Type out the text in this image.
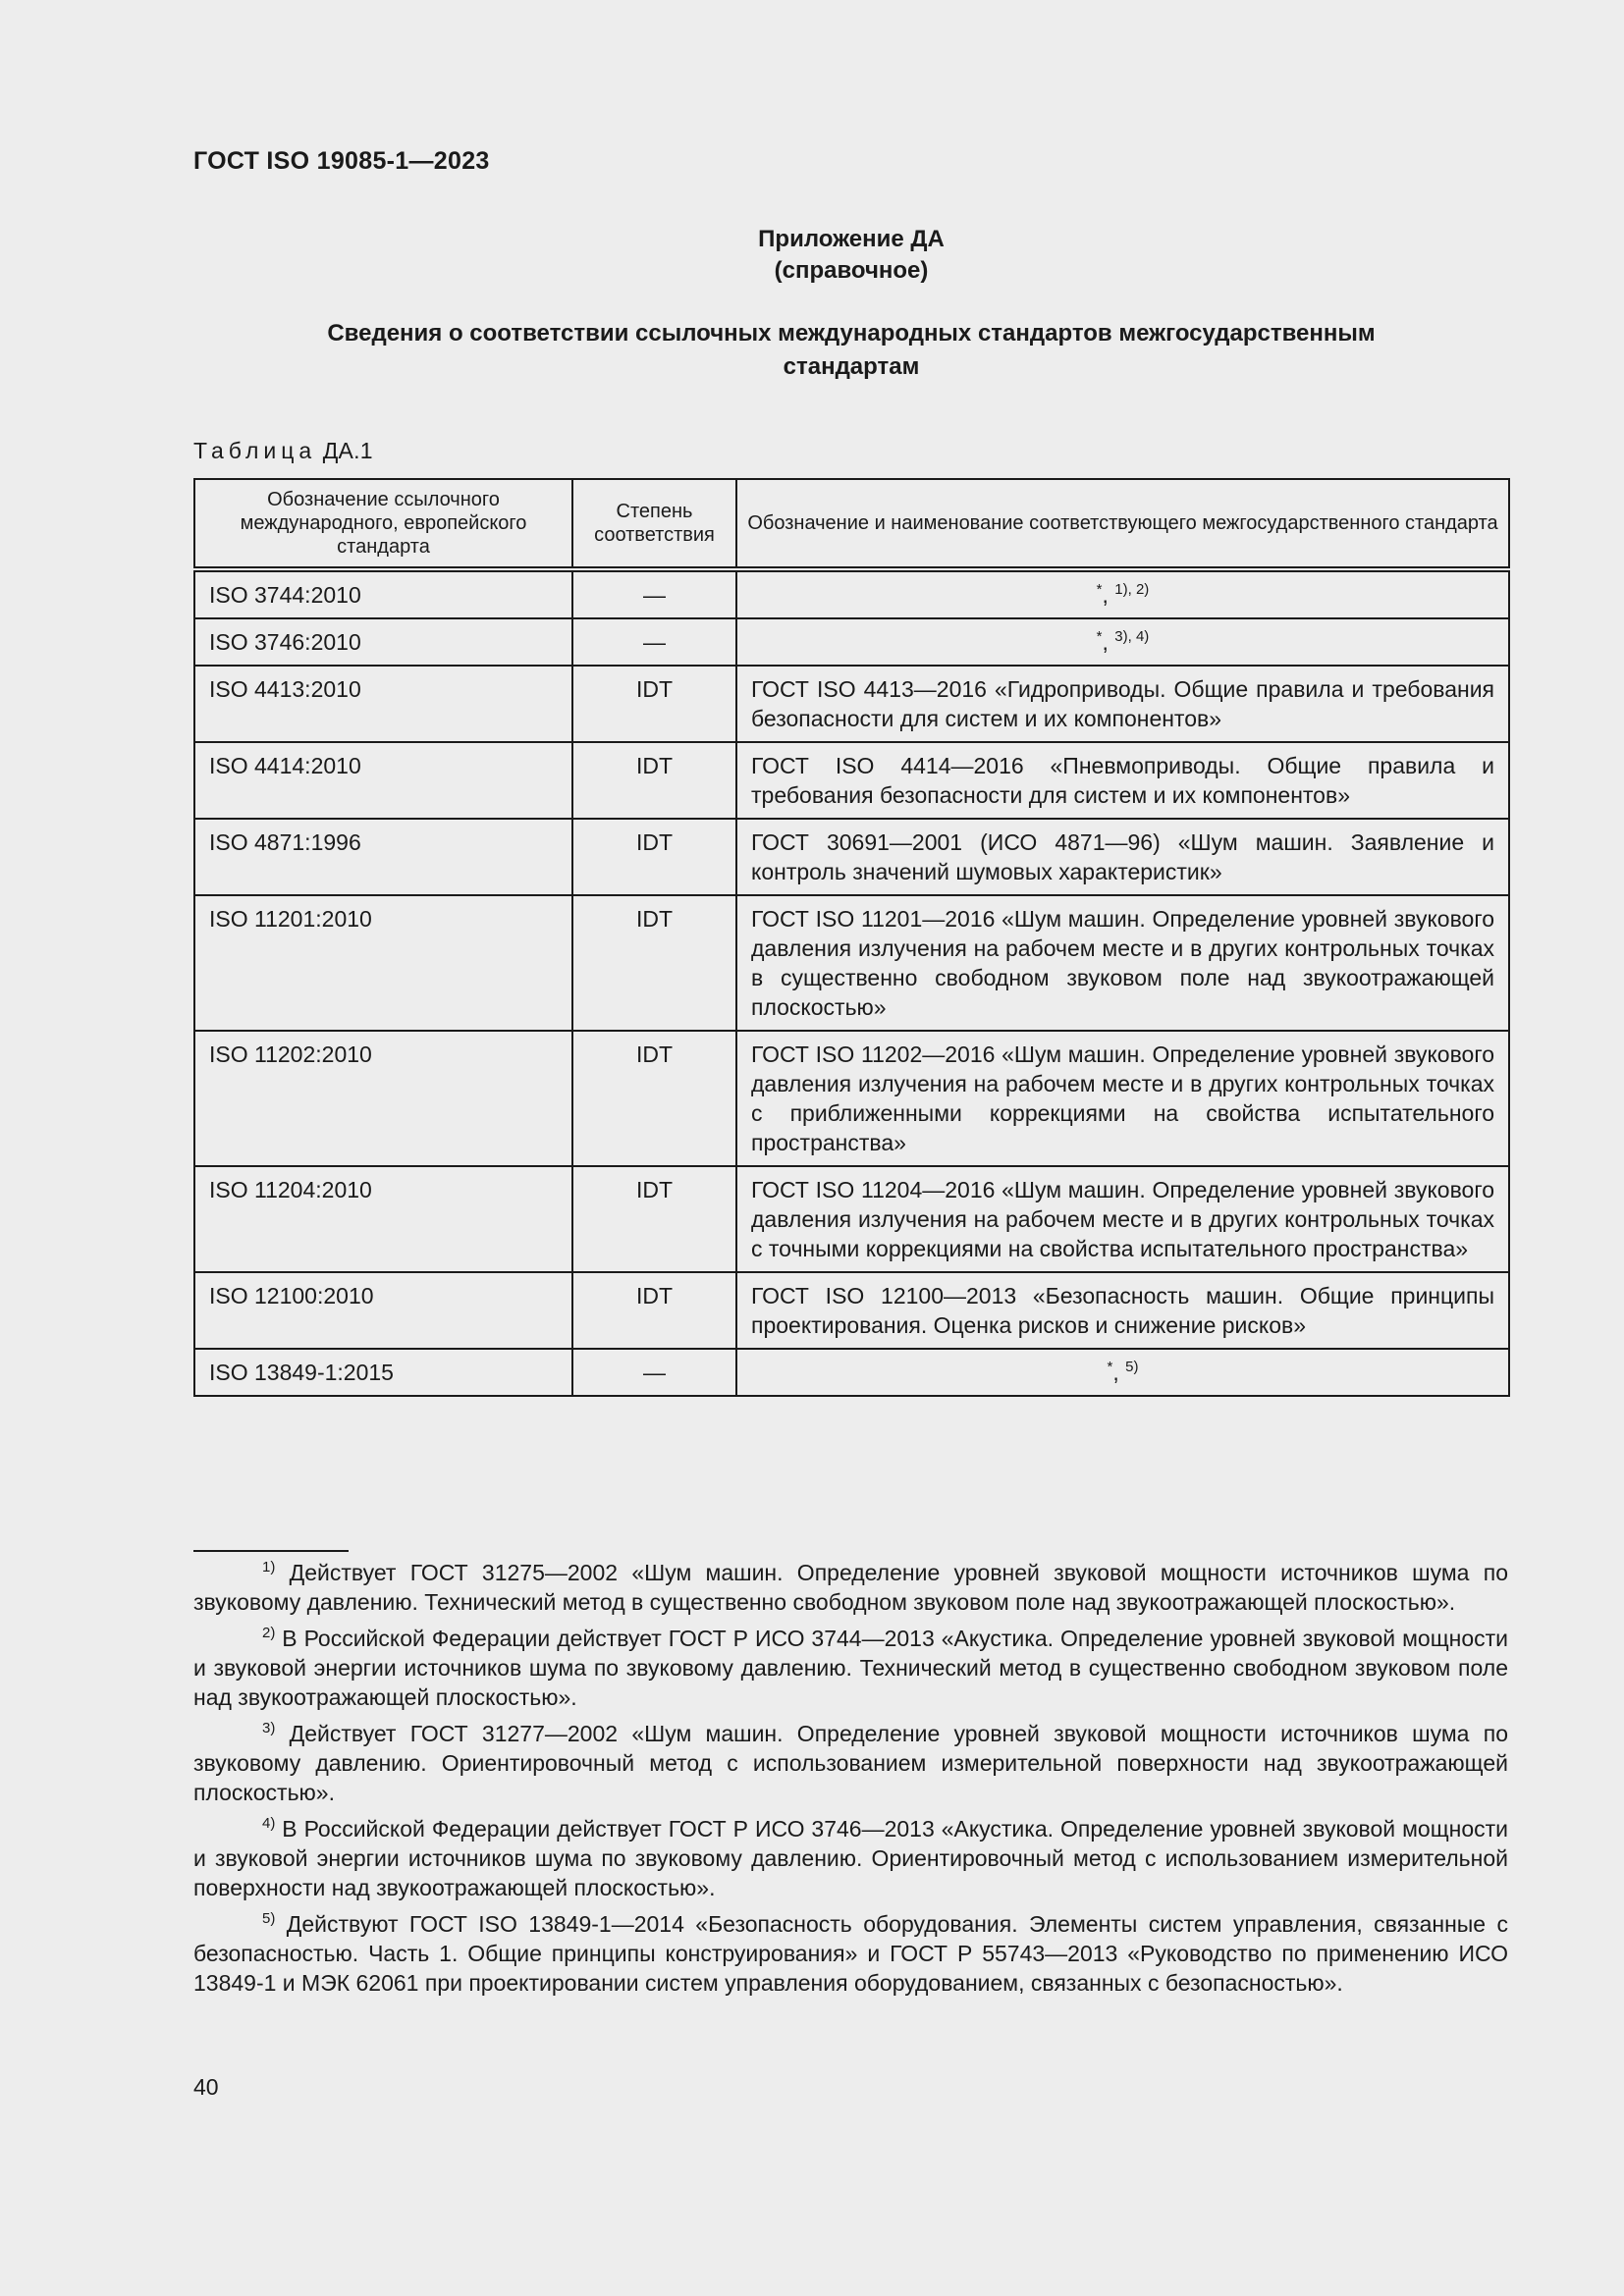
ГОСТ ISO 19085-1—2023
Приложение ДА
(справочное)
Сведения о соответствии ссылочных международных стандартов межгосударственным
стандартам
Таблица ДА.1
Обозначение ссылочного международного, европейского стандарта	Степень соответствия	Обозначение и наименование соответствующего межгосударственного стандарта
ISO 3744:2010	—	*, $^{1), 2)}$
ISO 3746:2010	—	*, $^{3), 4)}$
ISO 4413:2010	IDT	ГОСТ ISO 4413—2016 «Гидроприводы. Общие правила и требования безопасности для систем и их компонентов»
ISO 4414:2010	IDT	ГОСТ ISO 4414—2016 «Пневмоприводы. Общие правила и требования безопасности для систем и их компонентов»
ISO 4871:1996	IDT	ГОСТ 30691—2001 (ИСО 4871—96) «Шум машин. Заявление и контроль значений шумовых характеристик»
ISO 11201:2010	IDT	ГОСТ ISO 11201—2016 «Шум машин. Определение уровней звукового давления излучения на рабочем месте и в других контрольных точках в существенно свободном звуковом поле над звукоотражающей плоскостью»
ISO 11202:2010	IDT	ГОСТ ISO 11202—2016 «Шум машин. Определение уровней звукового давления излучения на рабочем месте и в других контрольных точках с приближенными коррекциями на свойства испытательного пространства»
ISO 11204:2010	IDT	ГОСТ ISO 11204—2016 «Шум машин. Определение уровней звукового давления излучения на рабочем месте и в других контрольных точках с точными коррекциями на свойства испытательного пространства»
ISO 12100:2010	IDT	ГОСТ ISO 12100—2013 «Безопасность машин. Общие принципы проектирования. Оценка рисков и снижение рисков»
ISO 13849-1:2015	—	*, $^{5)}$

$^{1)}$ Действует ГОСТ 31275—2002 «Шум машин. Определение уровней звуковой мощности источников шума по звуковому давлению. Технический метод в существенно свободном звуковом поле над звукоотражающей плоскостью».

$^{2)}$ В Российской Федерации действует ГОСТ Р ИСО 3744—2013 «Акустика. Определение уровней звуковой мощности и звуковой энергии источников шума по звуковому давлению. Технический метод в существенно свободном звуковом поле над звукоотражающей плоскостью».

$^{3)}$ Действует ГОСТ 31277—2002 «Шум машин. Определение уровней звуковой мощности источников шума по звуковому давлению. Ориентировочный метод с использованием измерительной поверхности над звукоотражающей плоскостью».

$^{4)}$ В Российской Федерации действует ГОСТ Р ИСО 3746—2013 «Акустика. Определение уровней звуковой мощности и звуковой энергии источников шума по звуковому давлению. Ориентировочный метод с использованием измерительной поверхности над звукоотражающей плоскостью».

$^{5)}$ Действуют ГОСТ ISO 13849-1—2014 «Безопасность оборудования. Элементы систем управления, связанные с безопасностью. Часть 1. Общие принципы конструирования» и ГОСТ Р 55743—2013 «Руководство по применению ИСО 13849-1 и МЭК 62061 при проектировании систем управления оборудованием, связанных с безопасностью».

40
